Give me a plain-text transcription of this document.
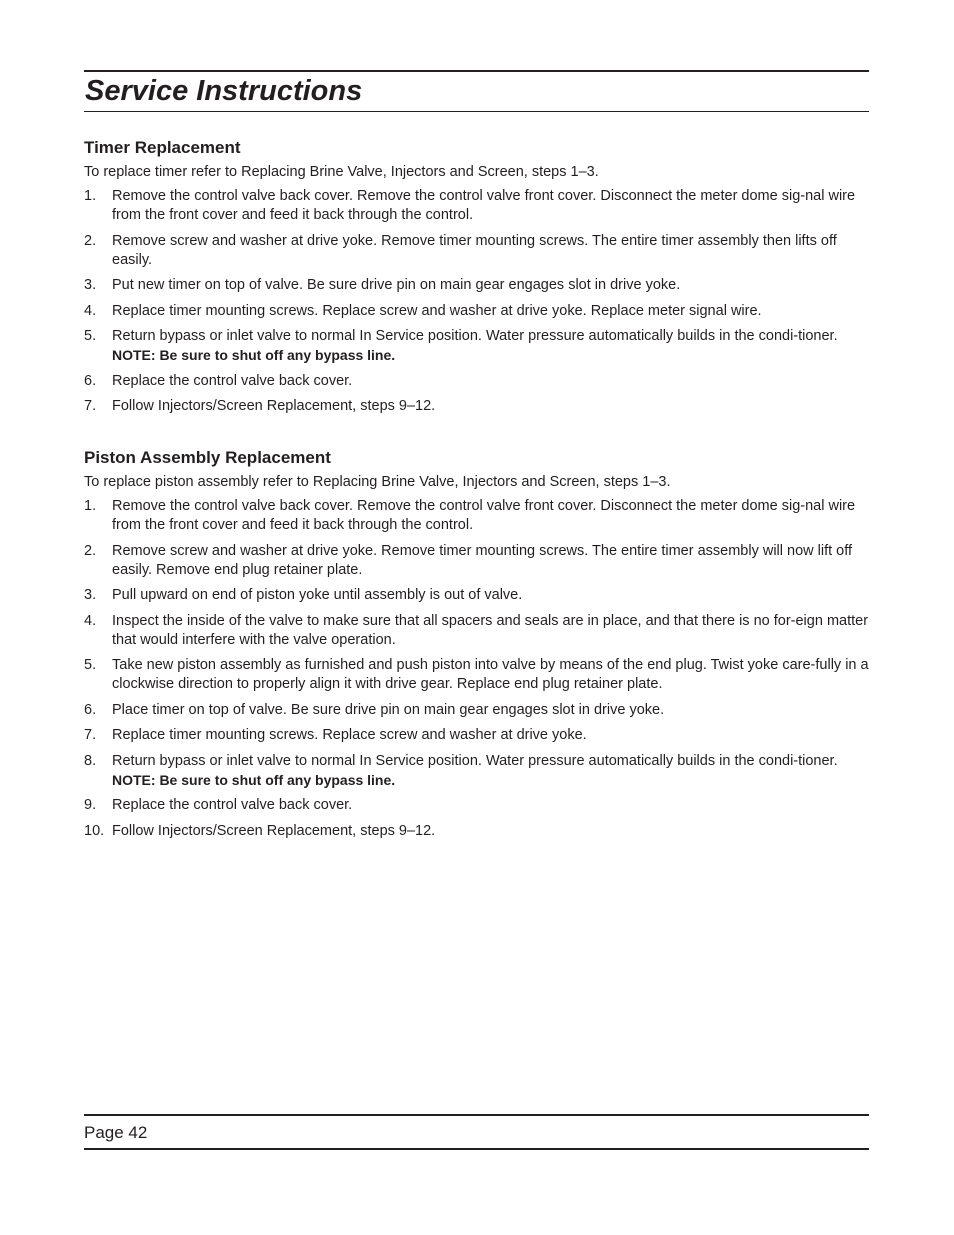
Service Instructions
Timer Replacement

To replace timer refer to Replacing Brine Valve, Injectors and Screen, steps 1–3.

1. Remove the control valve back cover. Remove the control valve front cover. Disconnect the meter dome sig-nal wire from the front cover and feed it back through the control.
2. Remove screw and washer at drive yoke. Remove timer mounting screws. The entire timer assembly then lifts off easily.
3. Put new timer on top of valve. Be sure drive pin on main gear engages slot in drive yoke.
4. Replace timer mounting screws. Replace screw and washer at drive yoke. Replace meter signal wire.
5. Return bypass or inlet valve to normal In Service position. Water pressure automatically builds in the condi-tioner.
NOTE: Be sure to shut off any bypass line.
6. Replace the control valve back cover.
7. Follow Injectors/Screen Replacement, steps 9–12.
Piston Assembly Replacement

To replace piston assembly refer to Replacing Brine Valve, Injectors and Screen, steps 1–3.

1. Remove the control valve back cover. Remove the control valve front cover. Disconnect the meter dome sig-nal wire from the front cover and feed it back through the control.
2. Remove screw and washer at drive yoke. Remove timer mounting screws. The entire timer assembly will now lift off easily. Remove end plug retainer plate.
3. Pull upward on end of piston yoke until assembly is out of valve.
4. Inspect the inside of the valve to make sure that all spacers and seals are in place, and that there is no for-eign matter that would interfere with the valve operation.
5. Take new piston assembly as furnished and push piston into valve by means of the end plug. Twist yoke care-fully in a clockwise direction to properly align it with drive gear. Replace end plug retainer plate.
6. Place timer on top of valve. Be sure drive pin on main gear engages slot in drive yoke.
7. Replace timer mounting screws. Replace screw and washer at drive yoke.
8. Return bypass or inlet valve to normal In Service position. Water pressure automatically builds in the condi-tioner.
NOTE: Be sure to shut off any bypass line.
9. Replace the control valve back cover.
10. Follow Injectors/Screen Replacement, steps 9–12.
Page 42
